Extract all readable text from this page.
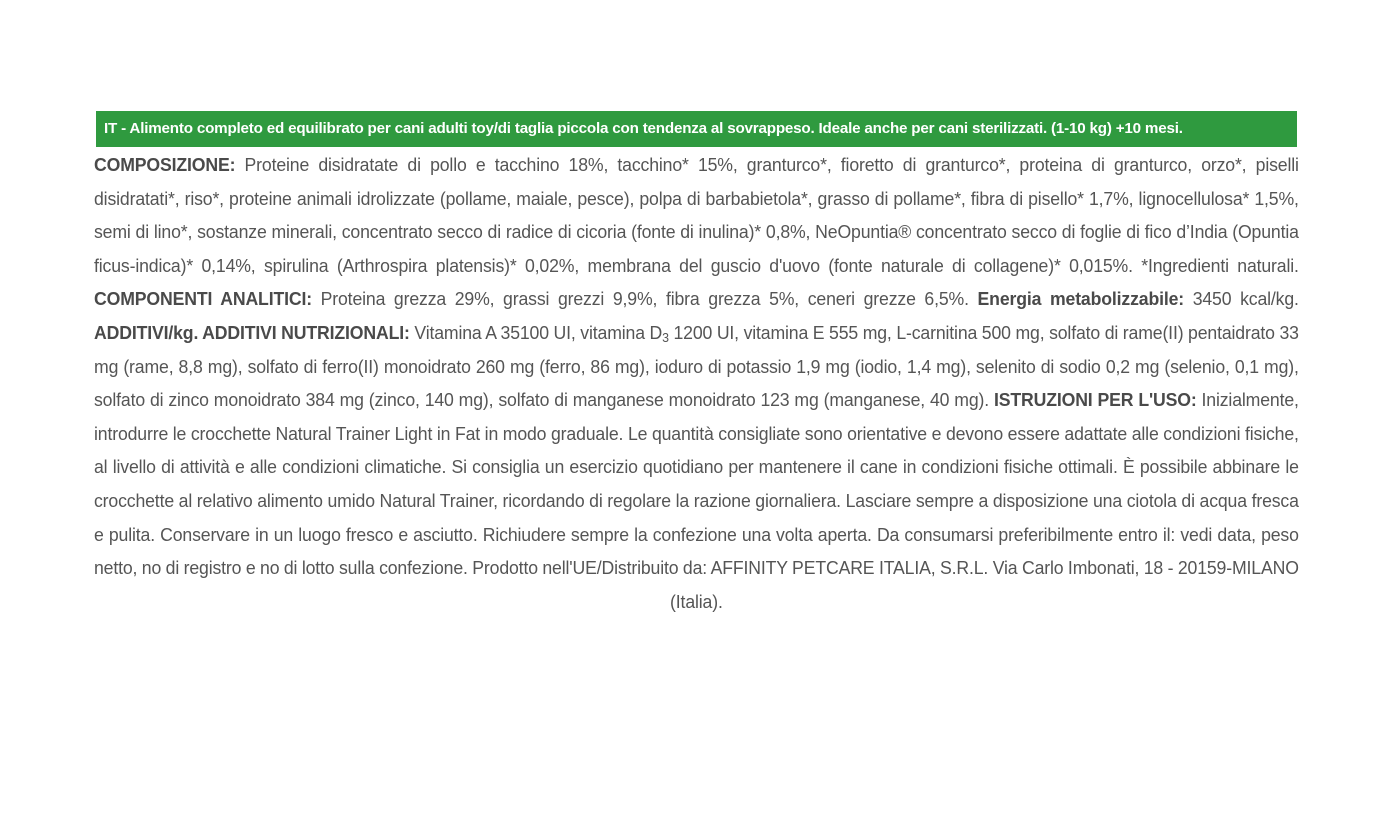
IT - Alimento completo ed equilibrato per cani adulti toy/di taglia piccola con tendenza al sovrappeso. Ideale anche per cani sterilizzati. (1-10 kg) +10 mesi.
COMPOSIZIONE: Proteine disidratate di pollo e tacchino 18%, tacchino* 15%, granturco*, fioretto di granturco*, proteina di granturco, orzo*, piselli disidratati*, riso*, proteine animali idrolizzate (pollame, maiale, pesce), polpa di barbabietola*, grasso di pollame*, fibra di pisello* 1,7%, lignocellulosa* 1,5%, semi di lino*, sostanze minerali, concentrato secco di radice di cicoria (fonte di inulina)* 0,8%, NeOpuntia® concentrato secco di foglie di fico d’India (Opuntia ficus-indica)* 0,14%, spirulina (Arthrospira platensis)* 0,02%, membrana del guscio d'uovo (fonte naturale di collagene)* 0,015%. *Ingredienti naturali. COMPONENTI ANALITICI: Proteina grezza 29%, grassi grezzi 9,9%, fibra grezza 5%, ceneri grezze 6,5%. Energia metabolizzabile: 3450 kcal/kg. ADDITIVI/kg. ADDITIVI NUTRIZIONALI: Vitamina A 35100 UI, vitamina $D_3$ 1200 UI, vitamina E 555 mg, L-carnitina 500 mg, solfato di rame(II) pentaidrato 33 mg (rame, 8,8 mg), solfato di ferro(II) monoidrato 260 mg (ferro, 86 mg), ioduro di potassio 1,9 mg (iodio, 1,4 mg), selenito di sodio 0,2 mg (selenio, 0,1 mg), solfato di zinco monoidrato 384 mg (zinco, 140 mg), solfato di manganese monoidrato 123 mg (manganese, 40 mg). ISTRUZIONI PER L'USO: Inizialmente, introdurre le crocchette Natural Trainer Light in Fat in modo graduale. Le quantità consigliate sono orientative e devono essere adattate alle condizioni fisiche, al livello di attività e alle condizioni climatiche. Si consiglia un esercizio quotidiano per mantenere il cane in condizioni fisiche ottimali. È possibile abbinare le crocchette al relativo alimento umido Natural Trainer, ricordando di regolare la razione giornaliera. Lasciare sempre a disposizione una ciotola di acqua fresca e pulita. Conservare in un luogo fresco e asciutto. Richiudere sempre la confezione una volta aperta. Da consumarsi preferibilmente entro il: vedi data, peso netto, no di registro e no di lotto sulla confezione. Prodotto nell'UE/Distribuito da: AFFINITY PETCARE ITALIA, S.R.L. Via Carlo Imbonati, 18 - 20159-MILANO (Italia).
